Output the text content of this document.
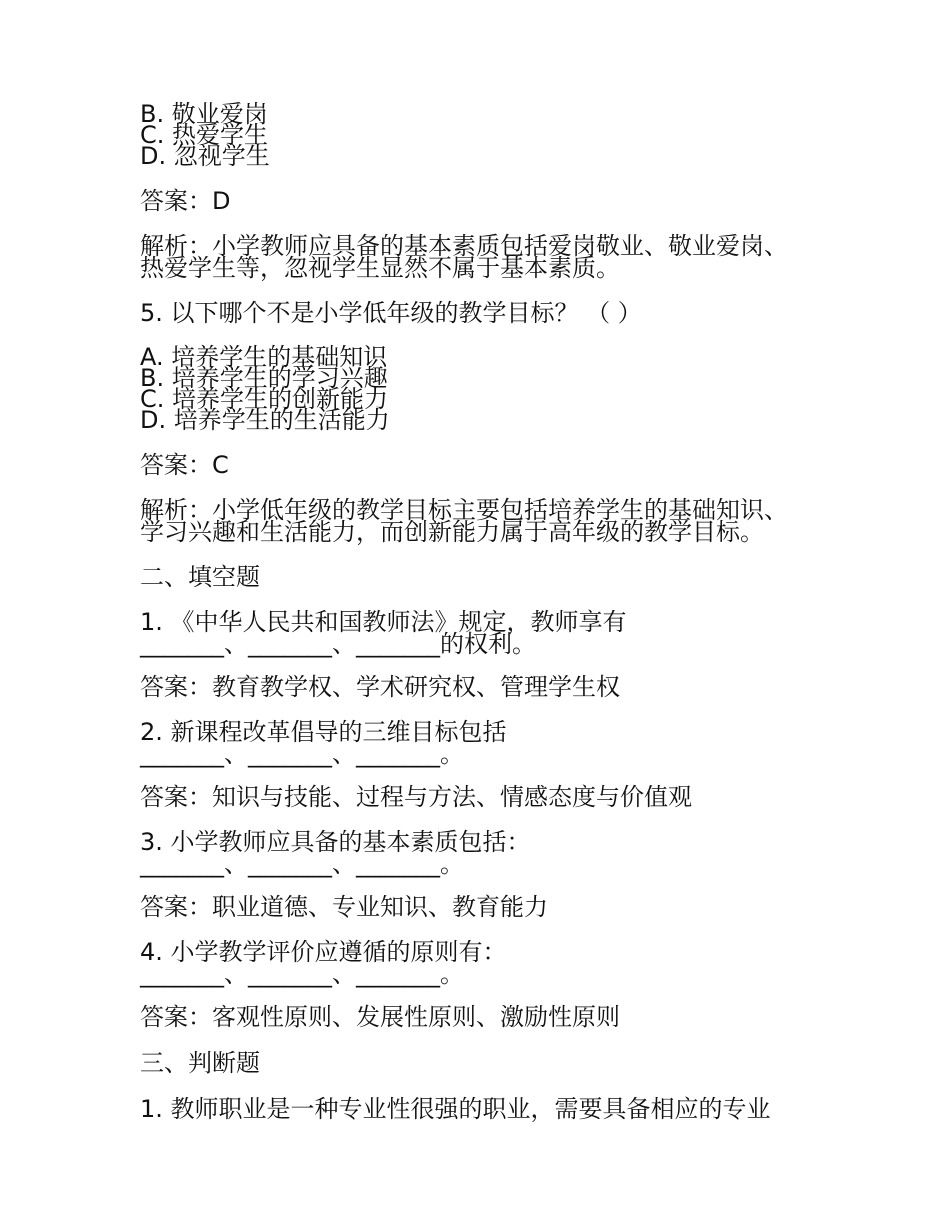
B. 敬业爱岗
C. 热爱学生
D. 忽视学生
答案：D
解析：小学教师应具备的基本素质包括爱岗敬业、敬业爱岗、
热爱学生等，忽视学生显然不属于基本素质。
5. 以下哪个不是小学低年级的教学目标？ （ ）
A. 培养学生的基础知识
B. 培养学生的学习兴趣
C. 培养学生的创新能力
D. 培养学生的生活能力
答案：C
解析：小学低年级的教学目标主要包括培养学生的基础知识、
学习兴趣和生活能力，而创新能力属于高年级的教学目标。
二、填空题
1. 《中华人民共和国教师法》规定，教师享有
_______、_______、_______的权利。
答案：教育教学权、学术研究权、管理学生权
2. 新课程改革倡导的三维目标包括
_______、_______、_______。
答案：知识与技能、过程与方法、情感态度与价值观
3. 小学教师应具备的基本素质包括：
_______、_______、_______。
答案：职业道德、专业知识、教育能力
4. 小学教学评价应遵循的原则有：
_______、_______、_______。
答案：客观性原则、发展性原则、激励性原则
三、判断题
1. 教师职业是一种专业性很强的职业，需要具备相应的专业
